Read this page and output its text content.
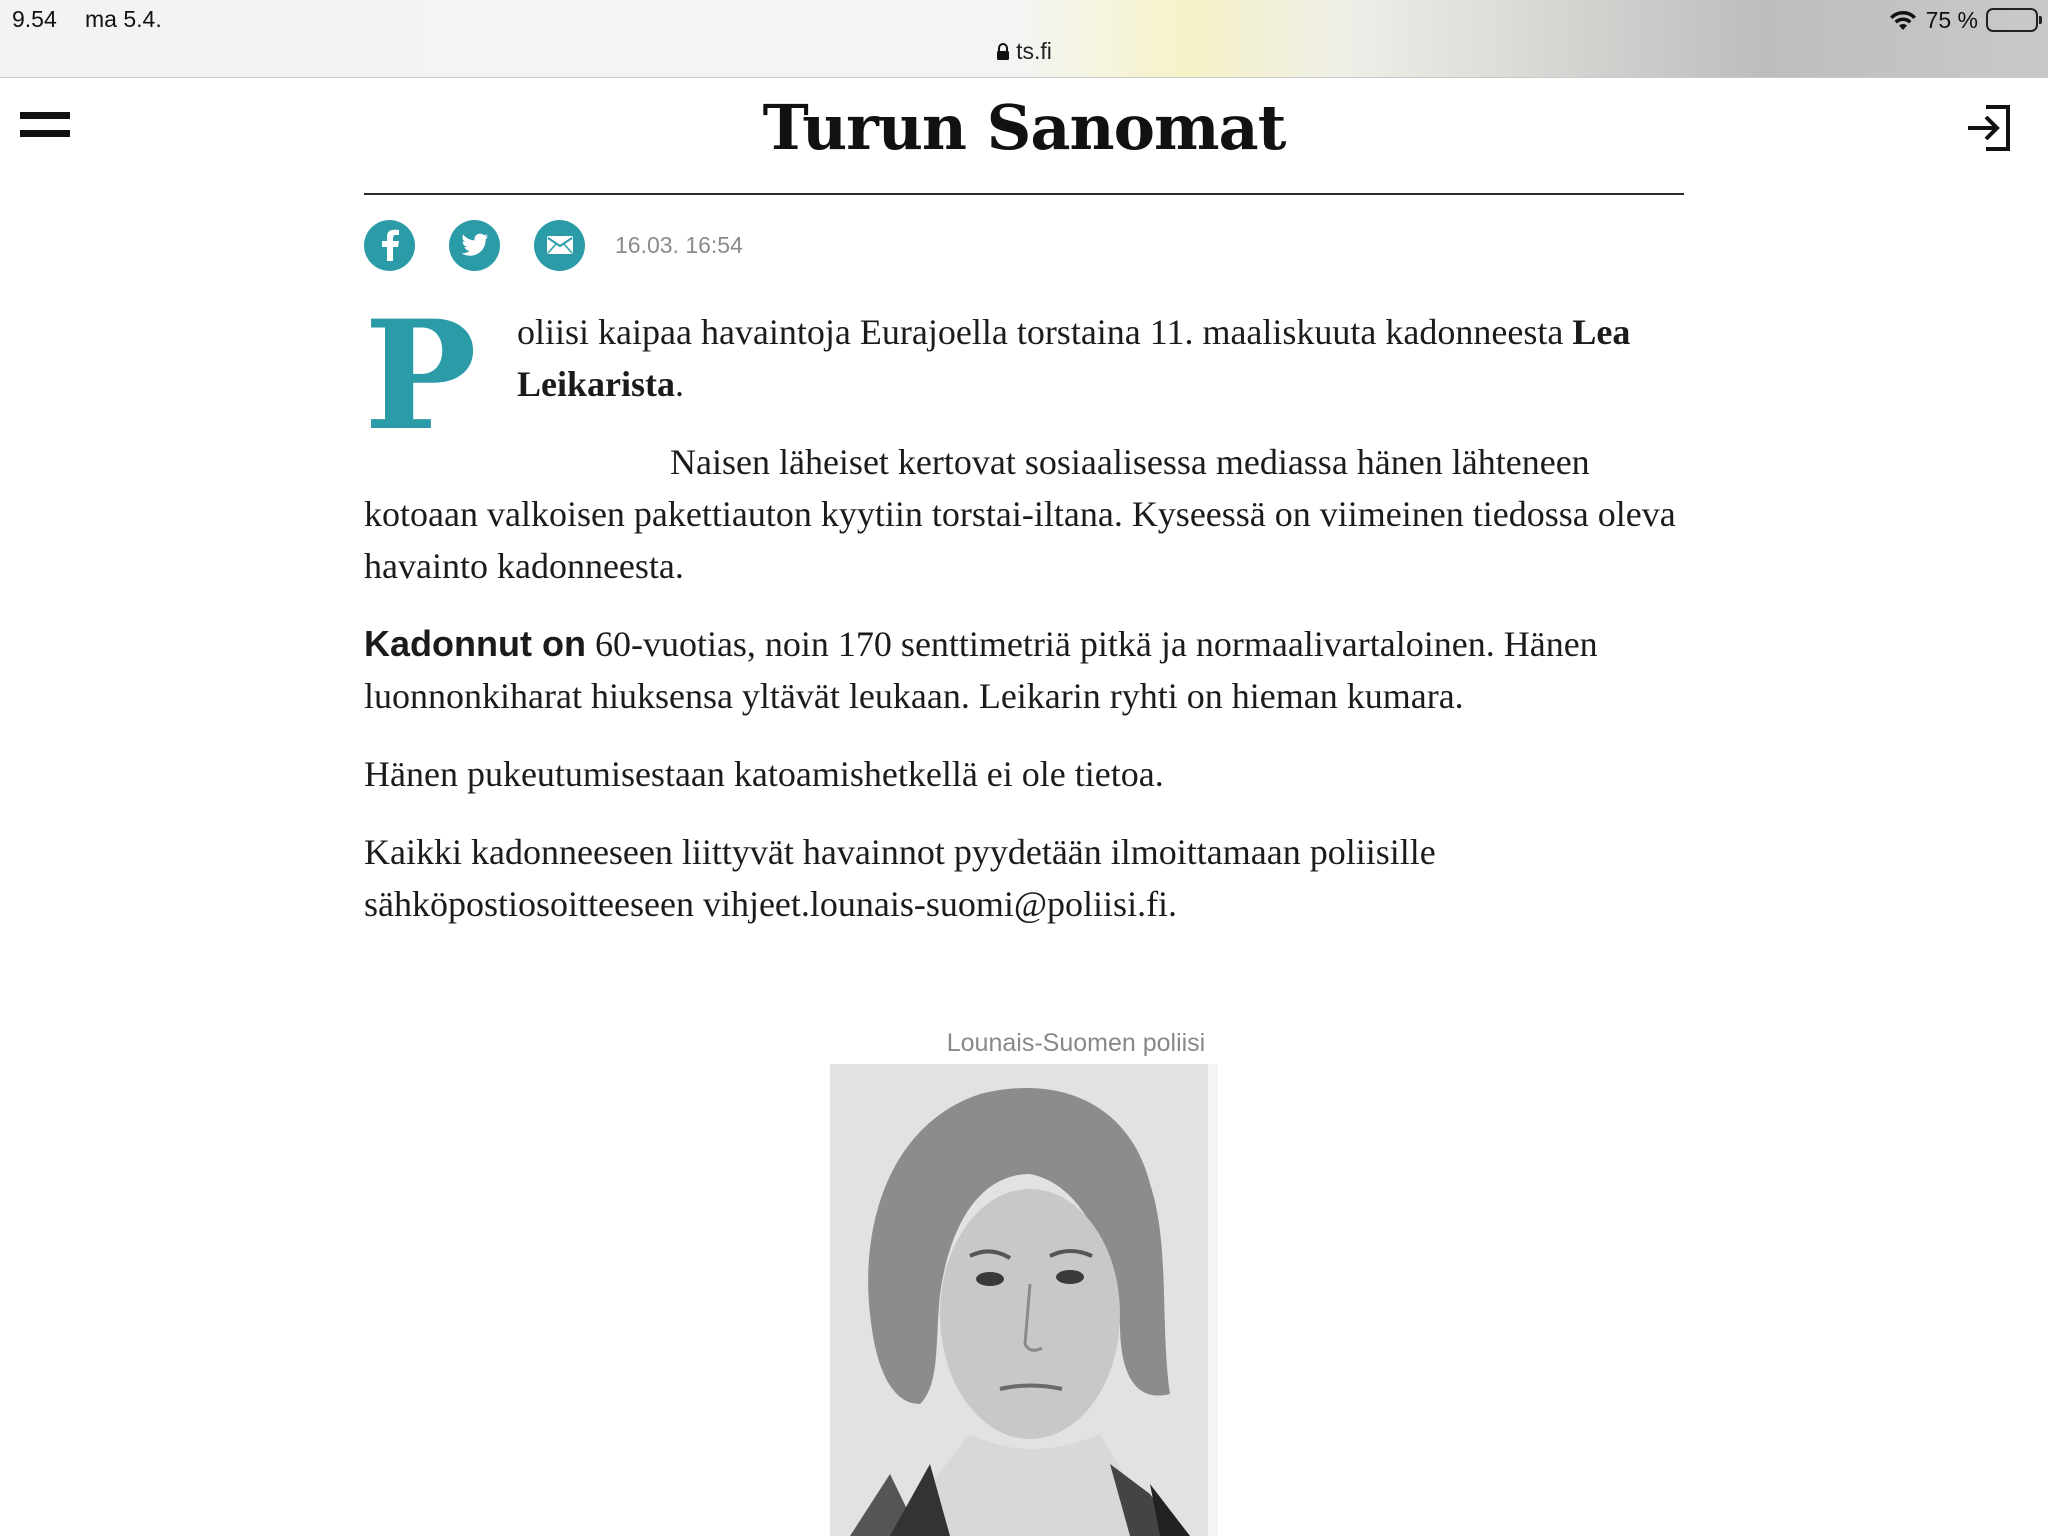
9.54 ma 5.4.	75 %
ts.fi
Turun Sanomat
16.03. 16:54
P	oliisi kaipaa havaintoja Eurajoella torstaina 11. maaliskuuta kadonneesta Lea Leikarista.

Naisen läheiset kertovat sosiaalisessa mediassa hänen lähteneen kotoaan valkoisen pakettiauton kyytiin torstai-iltana. Kyseessä on viimeinen tiedossa oleva havainto kadonneesta.

Kadonnut on 60-vuotias, noin 170 senttimetriä pitkä ja normaalivartaloinen. Hänen luonnonkiharat hiuksensa yltävät leukaan. Leikarin ryhti on hieman kumara.

Hänen pukeutumisestaan katoamishetkellä ei ole tietoa.

Kaikki kadonneeseen liittyvät havainnot pyydetään ilmoittamaan poliisille sähköpostiosoitteeseen vihjeet.lounais-suomi@poliisi.fi.

Lounais-Suomen poliisi
